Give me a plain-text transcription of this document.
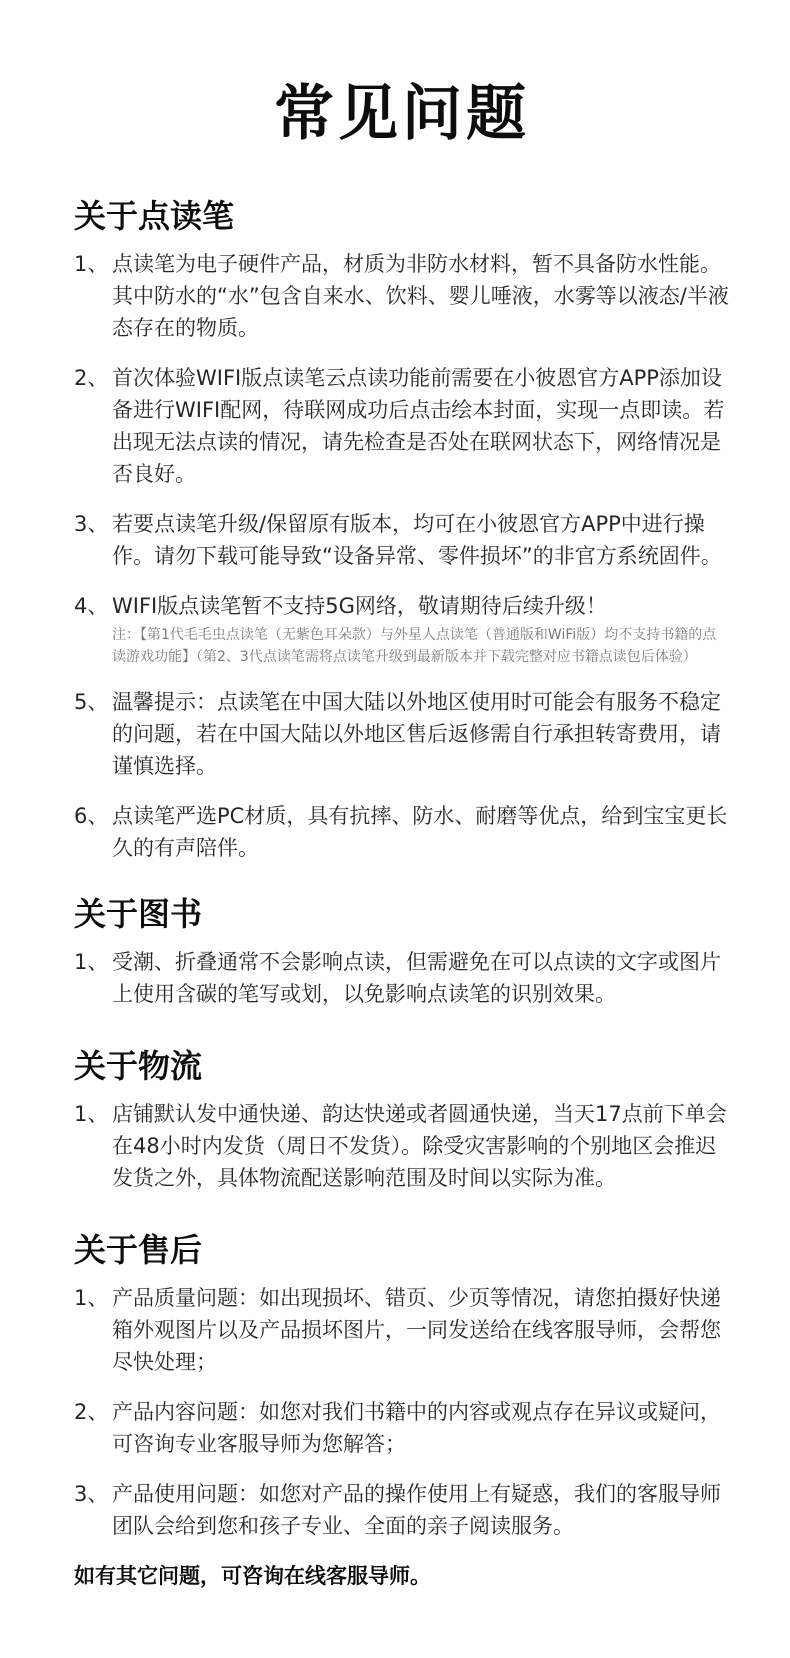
常见问题
关于点读笔
1、 点读笔为电子硬件产品，材质为非防水材料，暂不具备防水性能。其中防水的“水”包含自来水、饮料、婴儿唾液，水雾等以液态/半液态存在的物质。
2、 首次体验WIFI版点读笔云点读功能前需要在小彼恩官方APP添加设备进行WIFI配网，待联网成功后点击绘本封面，实现一点即读。若出现无法点读的情况，请先检查是否处在联网状态下，网络情况是否良好。
3、 若要点读笔升级/保留原有版本，均可在小彼恩官方APP中进行操作。请勿下载可能导致“设备异常、零件损坏”的非官方系统固件。
4、 WIFI版点读笔暂不支持5G网络，敬请期待后续升级！
注：【第1代毛毛虫点读笔（无紫色耳朵款）与外星人点读笔（普通版和WiFi版）均不支持书籍的点读游戏功能】（第2、3代点读笔需将点读笔升级到最新版本并下载完整对应书籍点读包后体验）
5、 温馨提示：点读笔在中国大陆以外地区使用时可能会有服务不稳定的问题，若在中国大陆以外地区售后返修需自行承担转寄费用，请谨慎选择。
6、 点读笔严选PC材质，具有抗摔、防水、耐磨等优点，给到宝宝更长久的有声陪伴。
关于图书
1、 受潮、折叠通常不会影响点读，但需避免在可以点读的文字或图片上使用含碳的笔写或划，以免影响点读笔的识别效果。
关于物流
1、 店铺默认发中通快递、韵达快递或者圆通快递，当天17点前下单会在48小时内发货（周日不发货）。除受灾害影响的个别地区会推迟发货之外，具体物流配送影响范围及时间以实际为准。
关于售后
1、 产品质量问题：如出现损坏、错页、少页等情况，请您拍摄好快递箱外观图片以及产品损坏图片，一同发送给在线客服导师，会帮您尽快处理；
2、 产品内容问题：如您对我们书籍中的内容或观点存在异议或疑问，可咨询专业客服导师为您解答；
3、 产品使用问题：如您对产品的操作使用上有疑惑，我们的客服导师团队会给到您和孩子专业、全面的亲子阅读服务。
如有其它问题，可咨询在线客服导师。
